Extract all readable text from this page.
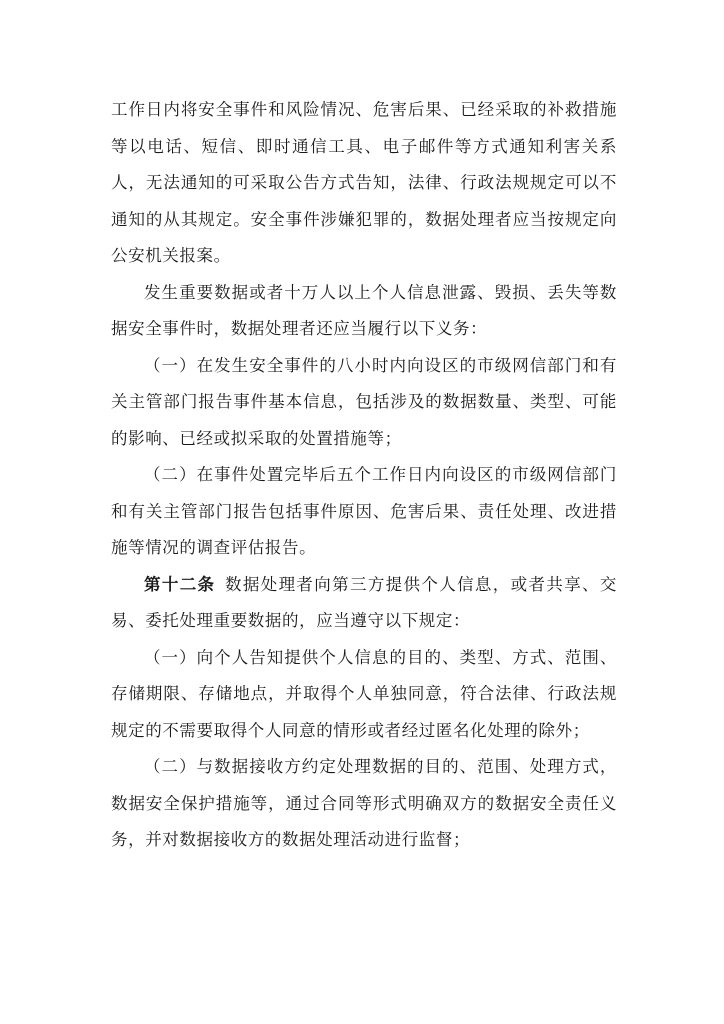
工作日内将安全事件和风险情况、危害后果、已经采取的补救措施等以电话、短信、即时通信工具、电子邮件等方式通知利害关系人，无法通知的可采取公告方式告知，法律、行政法规规定可以不通知的从其规定。安全事件涉嫌犯罪的，数据处理者应当按规定向公安机关报案。

发生重要数据或者十万人以上个人信息泄露、毁损、丢失等数据安全事件时，数据处理者还应当履行以下义务：

（一）在发生安全事件的八小时内向设区的市级网信部门和有关主管部门报告事件基本信息，包括涉及的数据数量、类型、可能的影响、已经或拟采取的处置措施等；

（二）在事件处置完毕后五个工作日内向设区的市级网信部门和有关主管部门报告包括事件原因、危害后果、责任处理、改进措施等情况的调查评估报告。

第十二条  数据处理者向第三方提供个人信息，或者共享、交易、委托处理重要数据的，应当遵守以下规定：

（一）向个人告知提供个人信息的目的、类型、方式、范围、存储期限、存储地点，并取得个人单独同意，符合法律、行政法规规定的不需要取得个人同意的情形或者经过匿名化处理的除外；

（二）与数据接收方约定处理数据的目的、范围、处理方式，数据安全保护措施等，通过合同等形式明确双方的数据安全责任义务，并对数据接收方的数据处理活动进行监督；
